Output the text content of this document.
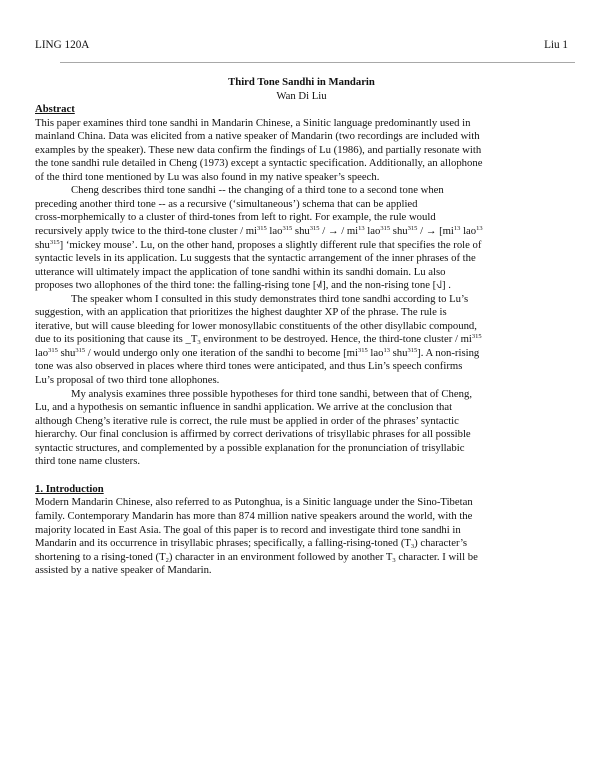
LING 120A	Liu 1
Third Tone Sandhi in Mandarin
Wan Di Liu
Abstract
This paper examines third tone sandhi in Mandarin Chinese, a Sinitic language predominantly used in
mainland China. Data was elicited from a native speaker of Mandarin (two recordings are included with
examples by the speaker). These new data confirm the findings of Lu (1986), and partially resonate with
the tone sandhi rule detailed in Cheng (1973) except a syntactic specification. Additionally, an allophone
of the third tone mentioned by Lu was also found in my native speaker’s speech.
Cheng describes third tone sandhi -- the changing of a third tone to a second tone when
preceding another third tone -- as a recursive (‘simultaneous’) schema that can be applied
cross-morphemically to a cluster of third-tones from left to right. For example, the rule would
recursively apply twice to the third-tone cluster / $mi^{315}$ lao$^{315}$ shu$^{315}$ / → / $mi^{13}$ lao$^{315}$ shu$^{315}$ / → [$mi^{13}$ lao$^{13}$
shu$^{315}$] ‘mickey mouse’. Lu, on the other hand, proposes a slightly different rule that specifies the role of
syntactic levels in its application. Lu suggests that the syntactic arrangement of the inner phrases of the
utterance will ultimately impact the application of tone sandhi within its sandhi domain. Lu also
proposes two allophones of the third tone: the falling-rising tone [˧˩˥], and the non-rising tone [˧˩˩] .
The speaker whom I consulted in this study demonstrates third tone sandhi according to Lu’s
suggestion, with an application that prioritizes the highest daughter XP of the phrase. The rule is
iterative, but will cause bleeding for lower monosyllabic constituents of the other disyllabic compound,
due to its positioning that cause its $\_T_3$ environment to be destroyed. Hence, the third-tone cluster / $mi^{315}$
lao$^{315}$ shu$^{315}$ / would undergo only one iteration of the sandhi to become [$mi^{315}$ lao$^{13}$ shu$^{315}$]. A non-rising
tone was also observed in places where third tones were anticipated, and thus Lin’s speech confirms
Lu’s proposal of two third tone allophones.
My analysis examines three possible hypotheses for third tone sandhi, between that of Cheng,
Lu, and a hypothesis on semantic influence in sandhi application. We arrive at the conclusion that
although Cheng’s iterative rule is correct, the rule must be applied in order of the phrases’ syntactic
hierarchy. Our final conclusion is affirmed by correct derivations of trisyllabic phrases for all possible
syntactic structures, and complemented by a possible explanation for the pronunciation of trisyllabic
third tone name clusters.
1. Introduction
Modern Mandarin Chinese, also referred to as Putonghua, is a Sinitic language under the Sino-Tibetan
family. Contemporary Mandarin has more than 874 million native speakers around the world, with the
majority located in East Asia. The goal of this paper is to record and investigate third tone sandhi in
Mandarin and its occurrence in trisyllabic phrases; specifically, a falling-rising-toned $(T_3)$ character’s
shortening to a rising-toned $(T_2)$ character in an environment followed by another $T_3$ character. I will be
assisted by a native speaker of Mandarin.
